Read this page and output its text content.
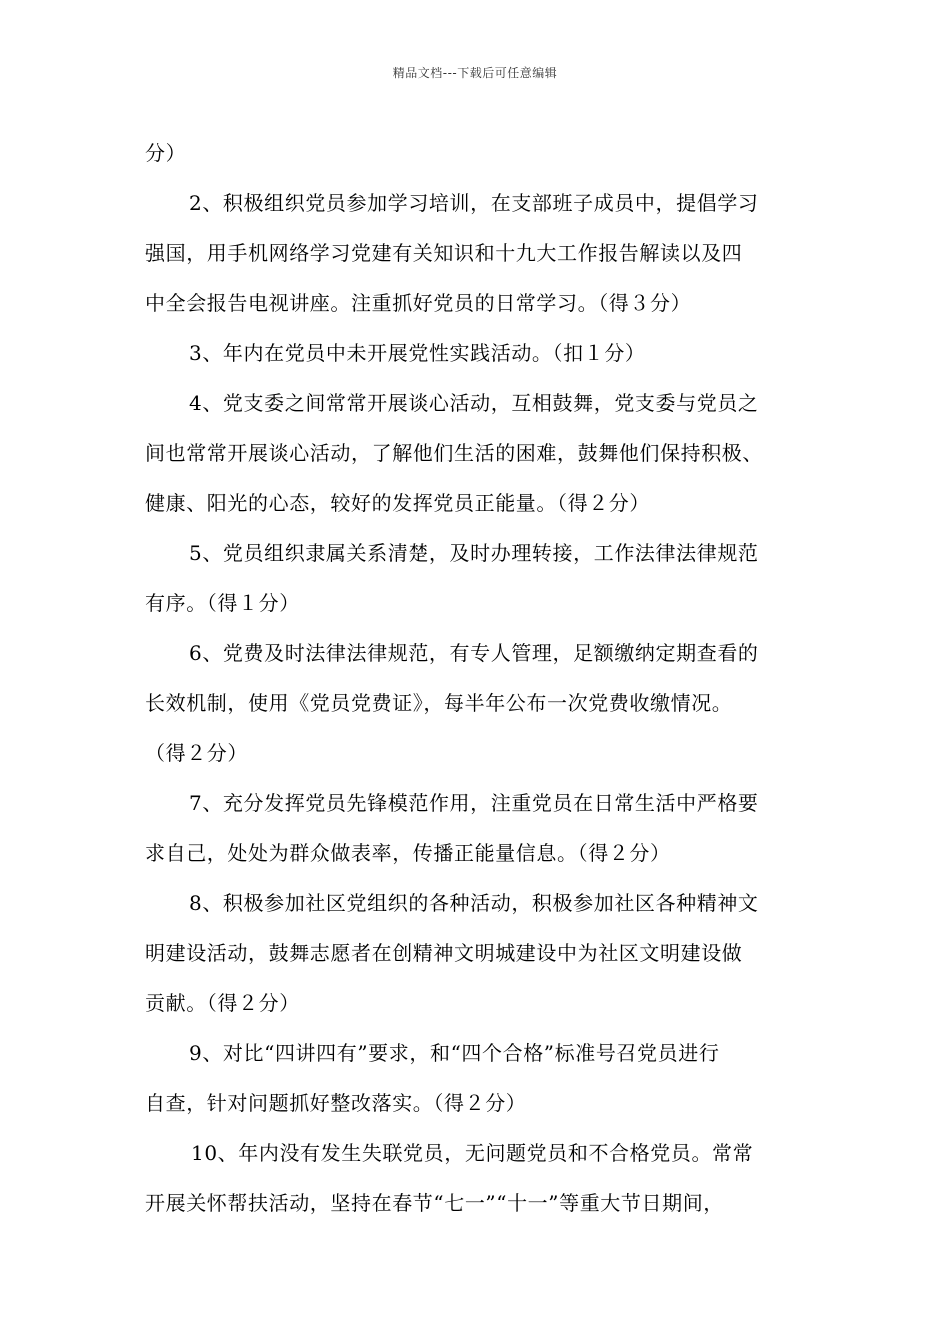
精品文档---下载后可任意编辑
分）
2、积极组织党员参加学习培训，在支部班子成员中，提倡学习
强国，用手机网络学习党建有关知识和十九大工作报告解读以及四
中全会报告电视讲座。注重抓好党员的日常学习。（得３分）
3、年内在党员中未开展党性实践活动。（扣１分）
4、党支委之间常常开展谈心活动，互相鼓舞，党支委与党员之
间也常常开展谈心活动，了解他们生活的困难，鼓舞他们保持积极、
健康、阳光的心态，较好的发挥党员正能量。（得２分）
5、党员组织隶属关系清楚，及时办理转接，工作法律法律规范
有序。（得１分）
6、党费及时法律法律规范，有专人管理，足额缴纳定期查看的
长效机制，使用《党员党费证》，每半年公布一次党费收缴情况。
（得２分）
7、充分发挥党员先锋模范作用，注重党员在日常生活中严格要
求自己，处处为群众做表率，传播正能量信息。（得２分）
8、积极参加社区党组织的各种活动，积极参加社区各种精神文
明建设活动，鼓舞志愿者在创精神文明城建设中为社区文明建设做
贡献。（得２分）
9、对比“四讲四有”要求，和“四个合格”标准号召党员进行
自查，针对问题抓好整改落实。（得２分）
10、年内没有发生失联党员，无问题党员和不合格党员。常常
开展关怀帮扶活动，坚持在春节“七一”“十一”等重大节日期间，
